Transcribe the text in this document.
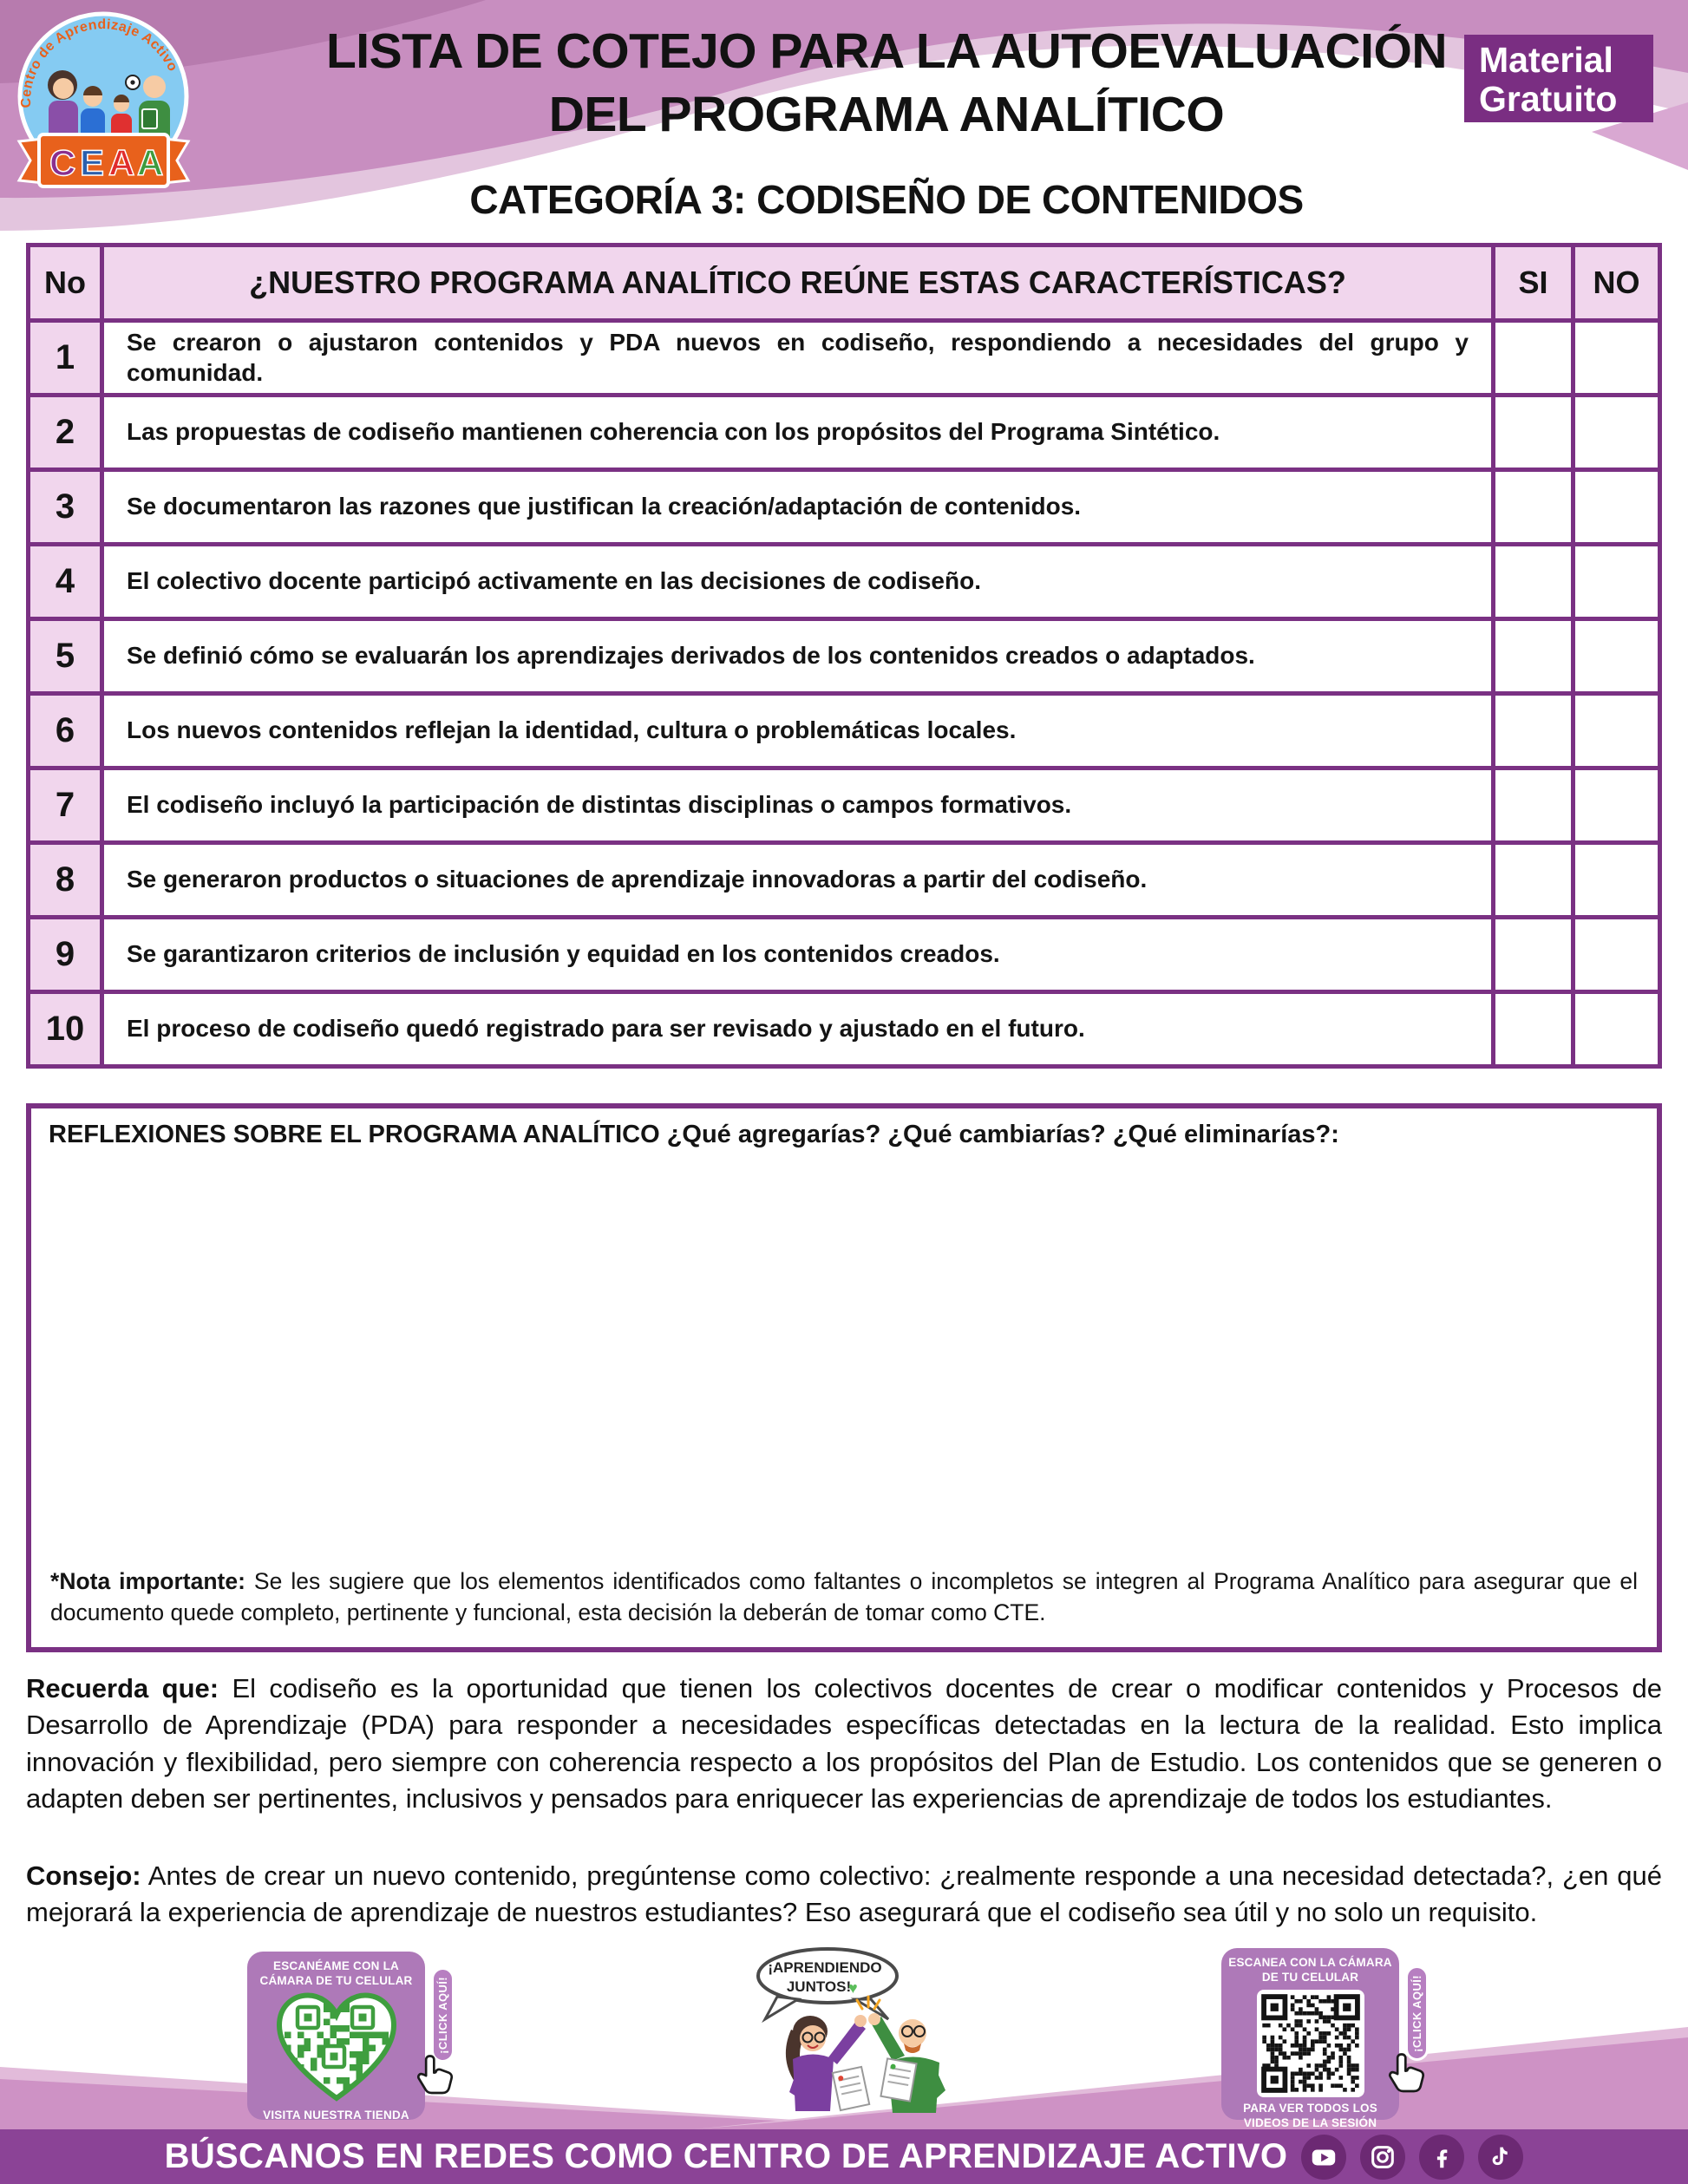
Centro de Aprendizaje Activo
C E A A
LISTA DE COTEJO PARA LA AUTOEVALUACIÓN
DEL PROGRAMA ANALÍTICO
CATEGORÍA 3: CODISEÑO DE CONTENIDOS
Material
Gratuito
No	¿NUESTRO PROGRAMA ANALÍTICO REÚNE ESTAS CARACTERÍSTICAS?	SI	NO
1	Se crearon o ajustaron contenidos y PDA nuevos en codiseño, respondiendo a necesidades del grupo y comunidad.		
2	Las propuestas de codiseño mantienen coherencia con los propósitos del Programa Sintético.		
3	Se documentaron las razones que justifican la creación/adaptación de contenidos.		
4	El colectivo docente participó activamente en las decisiones de codiseño.		
5	Se definió cómo se evaluarán los aprendizajes derivados de los contenidos creados o adaptados.		
6	Los nuevos contenidos reflejan la identidad, cultura o problemáticas locales.		
7	El codiseño incluyó la participación de distintas disciplinas o campos formativos.		
8	Se generaron productos o situaciones de aprendizaje innovadoras a partir del codiseño.		
9	Se garantizaron criterios de inclusión y equidad en los contenidos creados.		
10	El proceso de codiseño quedó registrado para ser revisado y ajustado en el futuro.		
REFLEXIONES SOBRE EL PROGRAMA ANALÍTICO ¿Qué agregarías? ¿Qué cambiarías? ¿Qué eliminarías?:
*Nota importante: Se les sugiere que los elementos identificados como faltantes o incompletos se integren al Programa Analítico para asegurar que el documento quede completo, pertinente y funcional, esta decisión la deberán de tomar como CTE.
Recuerda que: El codiseño es la oportunidad que tienen los colectivos docentes de crear o modificar contenidos y Procesos de Desarrollo de Aprendizaje (PDA) para responder a necesidades específicas detectadas en la lectura de la realidad. Esto implica innovación y flexibilidad, pero siempre con coherencia respecto a los propósitos del Plan de Estudio. Los contenidos que se generen o adapten deben ser pertinentes, inclusivos y pensados para enriquecer las experiencias de aprendizaje de todos los estudiantes.
Consejo: Antes de crear un nuevo contenido, pregúntense como colectivo: ¿realmente responde a una necesidad detectada?, ¿en qué mejorará la experiencia de aprendizaje de nuestros estudiantes? Eso asegurará que el codiseño sea útil y no solo un requisito.
ESCANÉAME CON LA CÁMARA DE TU CELULAR
VISITA NUESTRA TIENDA
¡CLICK AQUÍ!
¡APRENDIENDO
JUNTOS!
♥
ESCANEA CON LA CÁMARA DE TU CELULAR
PARA VER TODOS LOS
VIDEOS DE LA SESIÓN
¡CLICK AQUÍ!
BÚSCANOS EN REDES COMO CENTRO DE APRENDIZAJE ACTIVO
